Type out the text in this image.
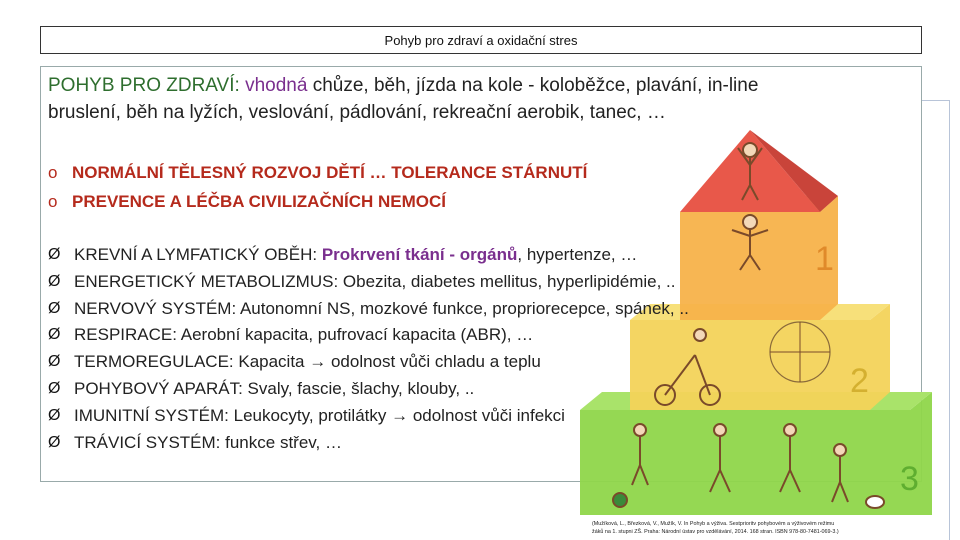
Pohyb pro zdraví a oxidační stres
1
2
3
POHYB PRO ZDRAVÍ: vhodná chůze, běh, jízda na kole - koloběžce, plavání, in-line
bruslení, běh na lyžích, veslování, pádlování, rekreační aerobik, tanec, …
o NORMÁLNÍ TĚLESNÝ ROZVOJ DĚTÍ … TOLERANCE STÁRNUTÍ
o PREVENCE A LÉČBA CIVILIZAČNÍCH NEMOCÍ
Ø KREVNÍ A LYMFATICKÝ OBĚH: Prokrvení tkání - orgánů, hypertenze, …
Ø ENERGETICKÝ METABOLIZMUS: Obezita, diabetes mellitus, hyperlipidémie, ..
Ø NERVOVÝ SYSTÉM: Autonomní NS, mozkové funkce, propriorecepce, spánek, ..
Ø RESPIRACE: Aerobní kapacita, pufrovací kapacita (ABR), …
Ø TERMOREGULACE: Kapacita → odolnost vůči chladu a teplu
Ø POHYBOVÝ APARÁT: Svaly, fascie, šlachy, klouby, ..
Ø IMUNITNÍ SYSTÉM: Leukocyty, protilátky → odolnost vůči infekci
Ø TRÁVICÍ SYSTÉM: funkce střev, …
(Mužíková, L., Březková, V., Mužík, V. In Pohyb a výživa. Sestprioritv pohybovém a výživovém režimu
žáků na 1. stupni ZŠ. Praha: Národní ústav pro vzdělávání, 2014. 168 stran. ISBN 978-80-7481-069-3.)
